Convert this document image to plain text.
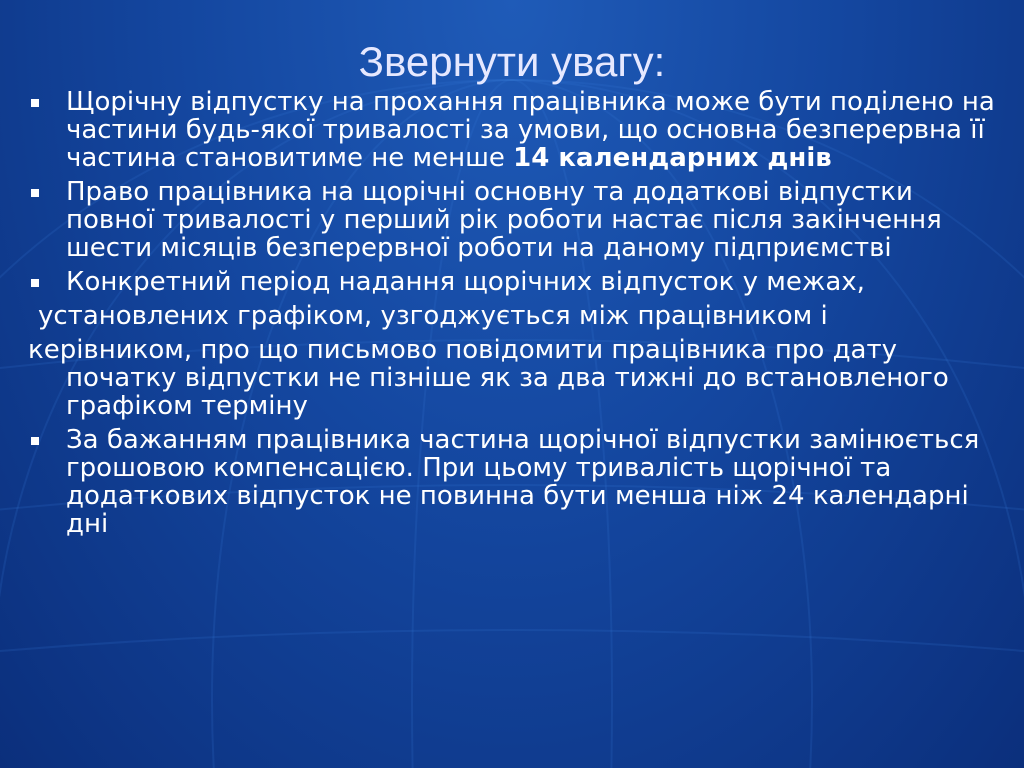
Звернути увагу:

Щорічну відпустку на прохання працівника може бути поділено на частини будь-якої тривалості за умови, що основна безперервна її частина становитиме не менше 14 календарних днів

Право працівника на щорічні основну та додаткові відпустки повної тривалості у перший рік роботи настає після закінчення шести місяців безперервної роботи на даному підприємстві

Конкретний період надання щорічних відпусток у межах,

установлених графіком, узгоджується між працівником і

керівником, про що письмово повідомити працівника про дату
початку відпустки не пізніше як за два тижні до встановленого графіком терміну

За бажанням працівника частина щорічної відпустки замінюється грошовою компенсацією. При цьому тривалість щорічної та додаткових відпусток не повинна бути менша ніж 24 календарні дні
